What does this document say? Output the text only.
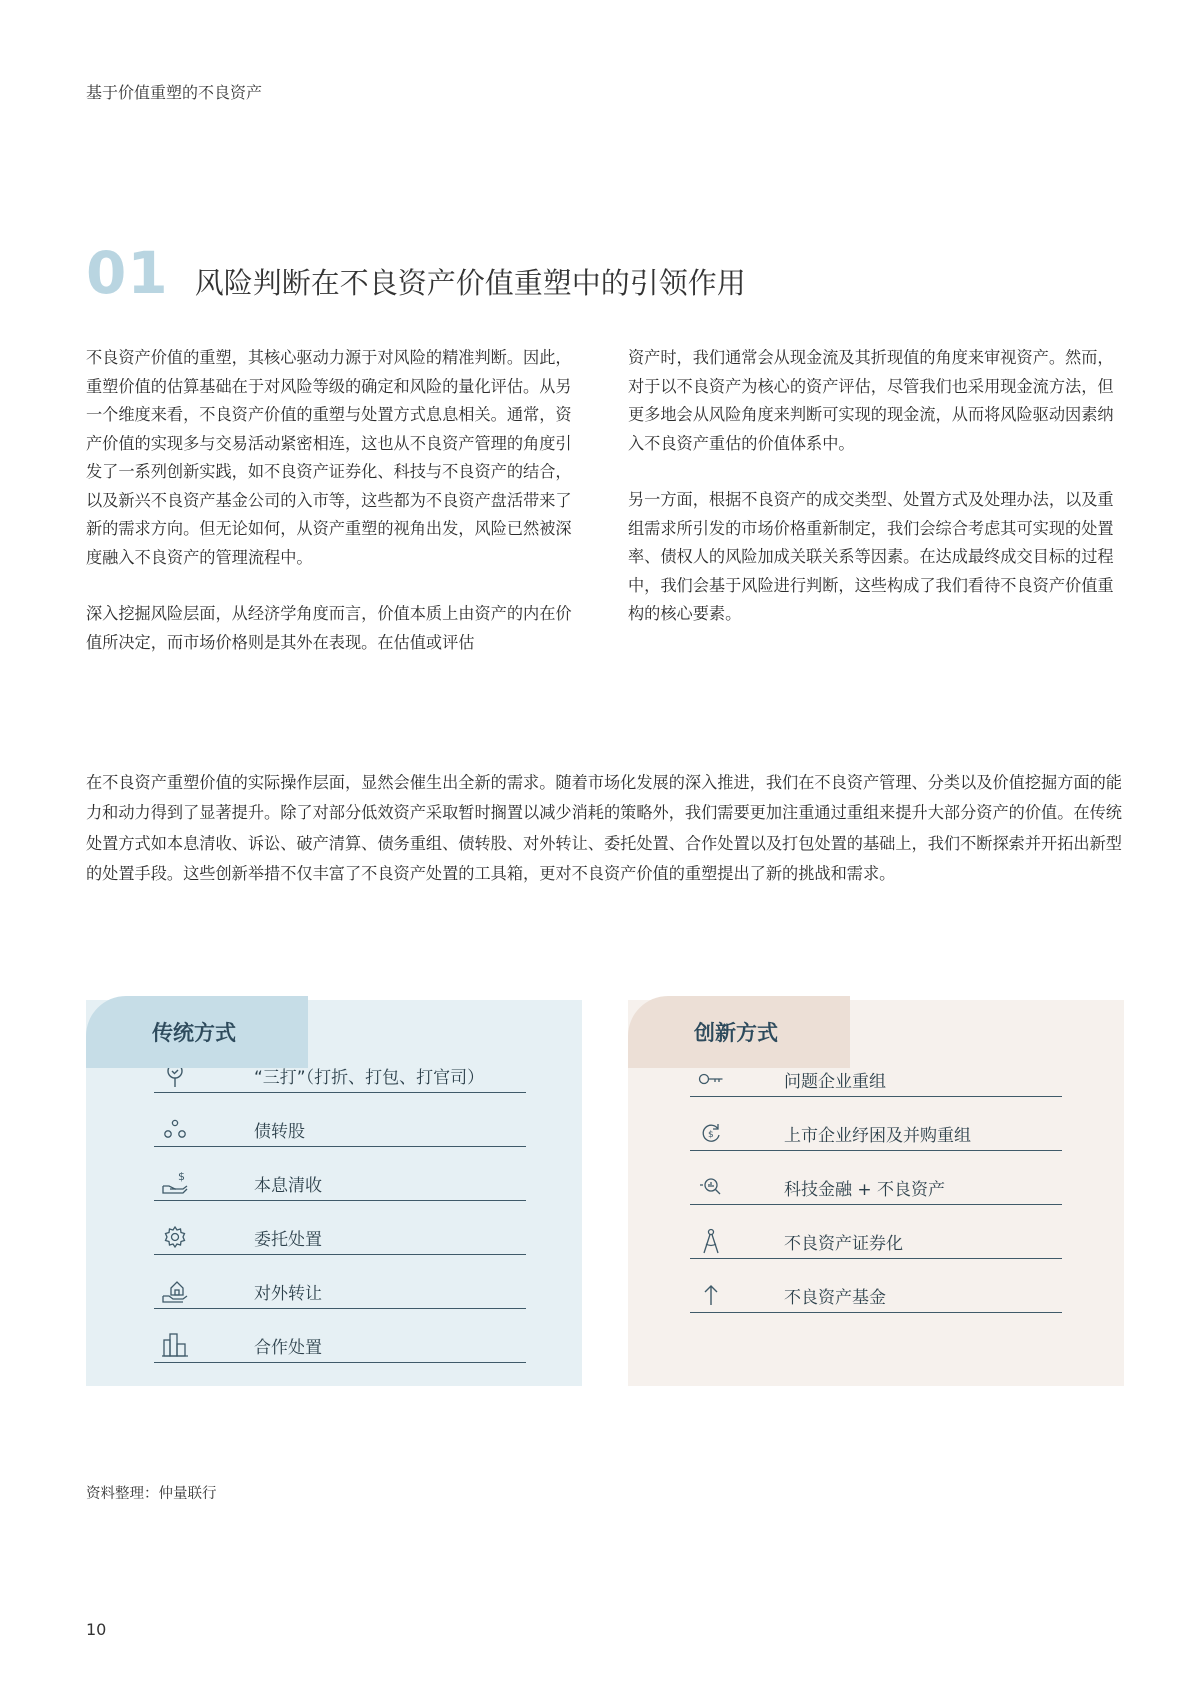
基于价值重塑的不良资产
01 风险判断在不良资产价值重塑中的引领作用

不良资产价值的重塑，其核心驱动力源于对风险的精准判断。因此，重塑价值的估算基础在于对风险等级的确定和风险的量化评估。从另一个维度来看，不良资产价值的重塑与处置方式息息相关。通常，资产价值的实现多与交易活动紧密相连，这也从不良资产管理的角度引发了一系列创新实践，如不良资产证券化、科技与不良资产的结合，以及新兴不良资产基金公司的入市等，这些都为不良资产盘活带来了新的需求方向。但无论如何，从资产重塑的视角出发，风险已然被深度融入不良资产的管理流程中。

深入挖掘风险层面，从经济学角度而言，价值本质上由资产的内在价值所决定，而市场价格则是其外在表现。在估值或评估

资产时，我们通常会从现金流及其折现值的角度来审视资产。然而，对于以不良资产为核心的资产评估，尽管我们也采用现金流方法，但更多地会从风险角度来判断可实现的现金流，从而将风险驱动因素纳入不良资产重估的价值体系中。

另一方面，根据不良资产的成交类型、处置方式及处理办法，以及重组需求所引发的市场价格重新制定，我们会综合考虑其可实现的处置率、债权人的风险加成关联关系等因素。在达成最终成交目标的过程中，我们会基于风险进行判断，这些构成了我们看待不良资产价值重构的核心要素。

在不良资产重塑价值的实际操作层面，显然会催生出全新的需求。随着市场化发展的深入推进，我们在不良资产管理、分类以及价值挖掘方面的能力和动力得到了显著提升。除了对部分低效资产采取暂时搁置以减少消耗的策略外，我们需要更加注重通过重组来提升大部分资产的价值。在传统处置方式如本息清收、诉讼、破产清算、债务重组、债转股、对外转让、委托处置、合作处置以及打包处置的基础上，我们不断探索并开拓出新型的处置手段。这些创新举措不仅丰富了不良资产处置的工具箱，更对不良资产价值的重塑提出了新的挑战和需求。

“三打”（打折、打包、打官司）
债转股
$	本息清收
委托处置
对外转让
合作处置
传统方式
问题企业重组
$	上市企业纾困及并购重组
科技金融 + 不良资产
不良资产证券化
不良资产基金
创新方式
资料整理：仲量联行
10
